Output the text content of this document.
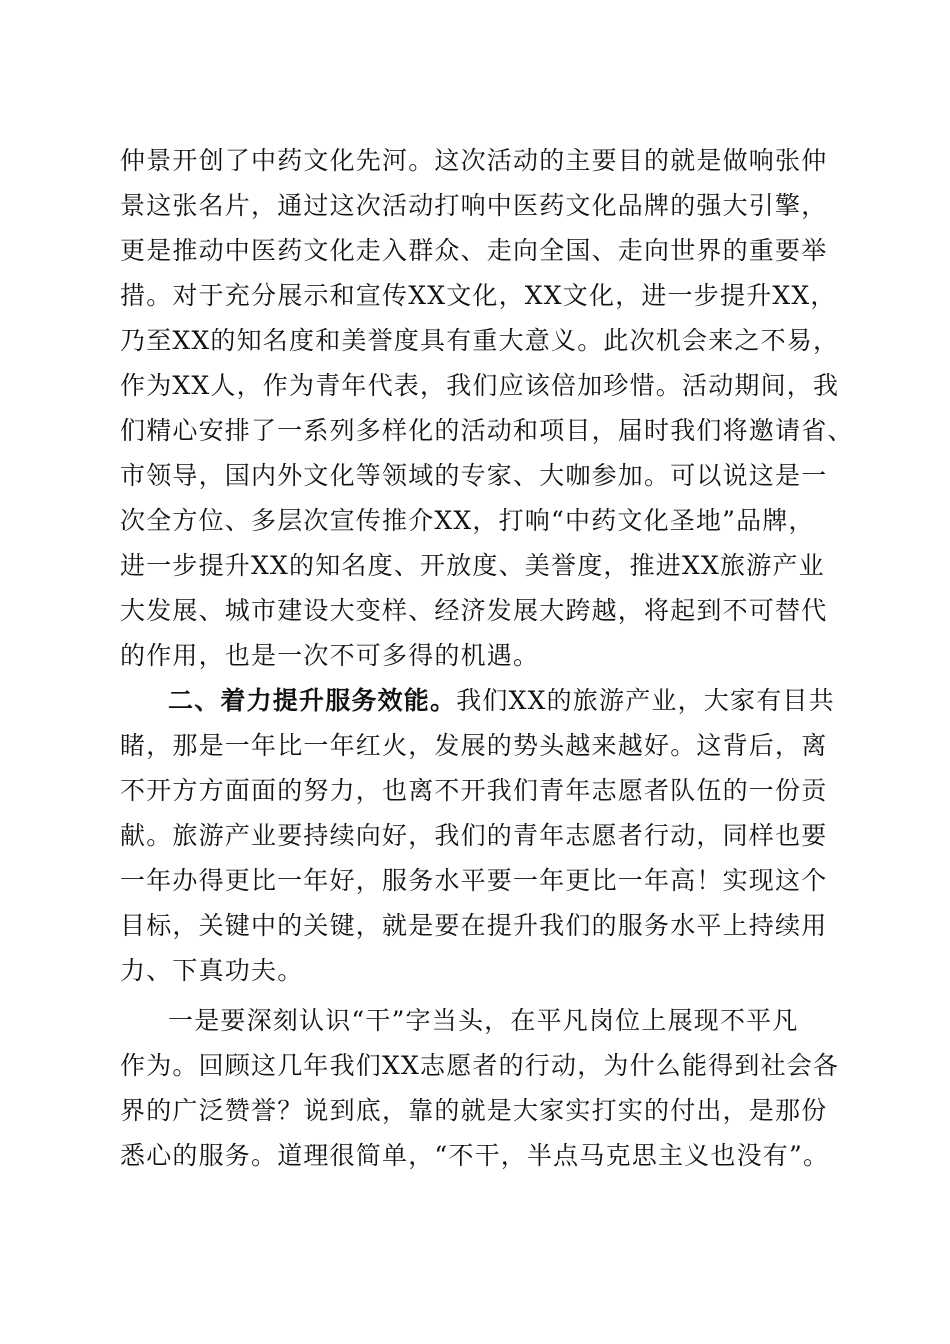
仲景开创了中药文化先河。这次活动的主要目的就是做响张仲
景这张名片，通过这次活动打响中医药文化品牌的强大引擎，
更是推动中医药文化走入群众、走向全国、走向世界的重要举
措。对于充分展示和宣传XX文化，XX文化，进一步提升XX，
乃至XX的知名度和美誉度具有重大意义。此次机会来之不易，
作为XX人，作为青年代表，我们应该倍加珍惜。活动期间，我
们精心安排了一系列多样化的活动和项目，届时我们将邀请省、
市领导，国内外文化等领域的专家、大咖参加。可以说这是一
次全方位、多层次宣传推介XX，打响“中药文化圣地”品牌，
进一步提升XX的知名度、开放度、美誉度，推进XX旅游产业
大发展、城市建设大变样、经济发展大跨越，将起到不可替代
的作用，也是一次不可多得的机遇。
二、着力提升服务效能。我们XX的旅游产业，大家有目共
睹，那是一年比一年红火，发展的势头越来越好。这背后，离
不开方方面面的努力，也离不开我们青年志愿者队伍的一份贡
献。旅游产业要持续向好，我们的青年志愿者行动，同样也要
一年办得更比一年好，服务水平要一年更比一年高！实现这个
目标，关键中的关键，就是要在提升我们的服务水平上持续用
力、下真功夫。
一是要深刻认识“干”字当头，在平凡岗位上展现不平凡
作为。回顾这几年我们XX志愿者的行动，为什么能得到社会各
界的广泛赞誉？说到底，靠的就是大家实打实的付出，是那份
悉心的服务。道理很简单，“不干，半点马克思主义也没有”。
